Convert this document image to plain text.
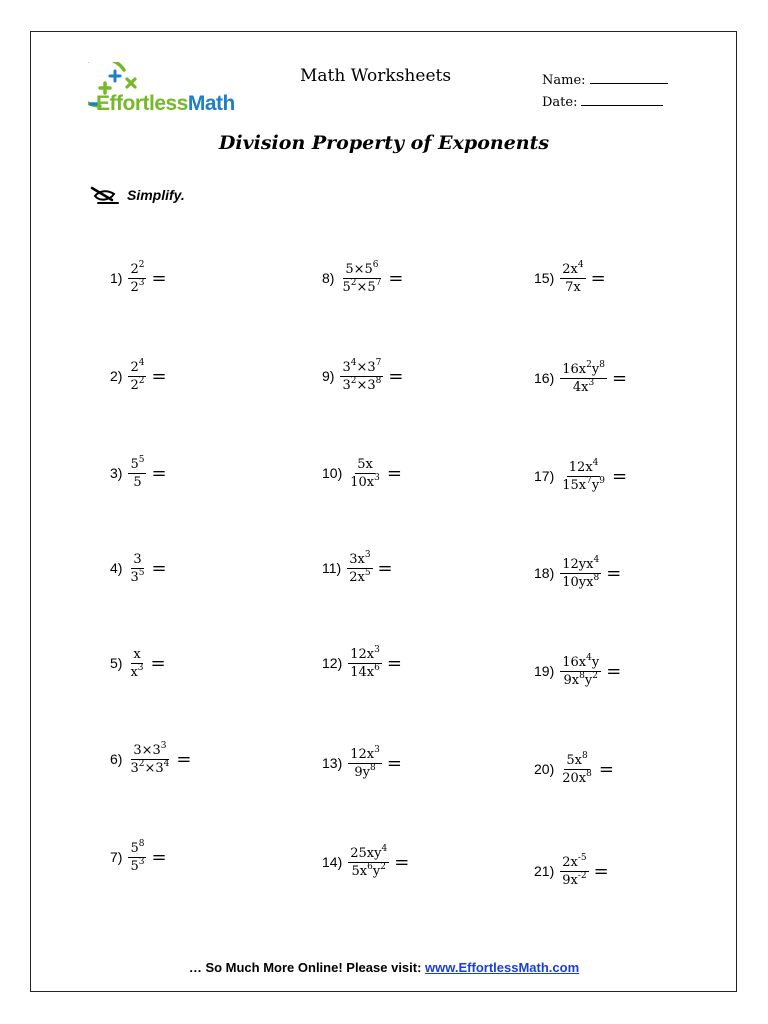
EffortlessMath
Math Worksheets	Name:
Date:
Division Property of Exponents
Simplify.
$1) \frac{2^2}{2^3}$ =
$2) \frac{2^4}{2^2}$ =
$3) \frac{5^5}{5}$ =
$4) \frac{3}{3^5}$ =
$5) \frac{x}{x^3}$ =
$6) \frac{3\times 3^3}{3^2\times 3^4}$ =
$7) \frac{5^8}{5^3}$ =
$8) \frac{5\times 5^6}{5^2\times 5^7}$ =
$9) \frac{3^4\times 3^7}{3^2\times 3^8}$ =
$10) \frac{5x}{10x^3}$ =
$11) \frac{3x^3}{2x^5}$ =
$12) \frac{12x^3}{14x^6}$ =
$13) \frac{12x^3}{9y^8}$ =
$14) \frac{25xy^4}{5x^6y^2}$ =
$15) \frac{2x^4}{7x}$ =
$16) \frac{16x^2y^8}{4x^3}$ =
$17) \frac{12x^4}{15x^7y^9}$ =
$18) \frac{12yx^4}{10yx^8}$ =
$19) \frac{16x^4y}{9x^8y^2}$ =
$20) \frac{5x^8}{20x^8}$ =
$21) \frac{2x^{-5}}{9x^{-2}}$ =
… So Much More Online! Please visit: www.EffortlessMath.com
